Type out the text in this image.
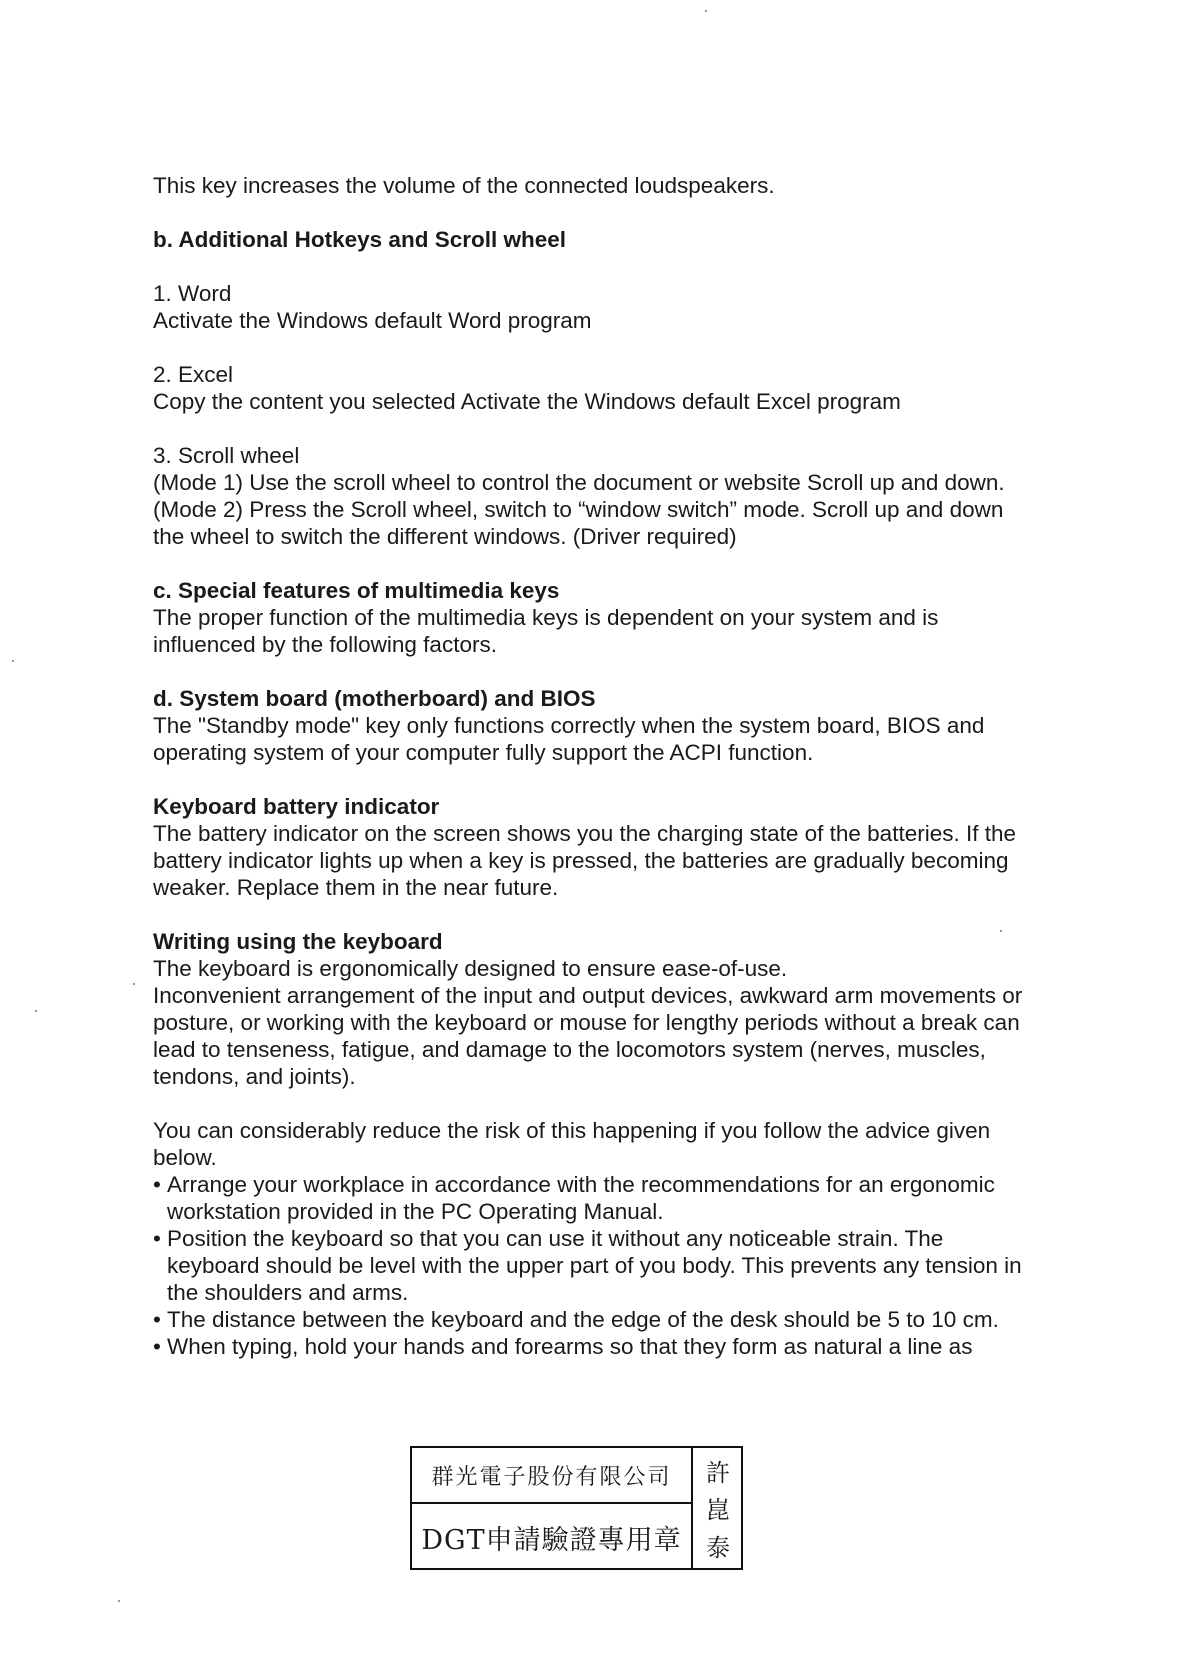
This key increases the volume of the connected loudspeakers.

b. Additional Hotkeys and Scroll wheel

1. Word

Activate the Windows default Word program

2. Excel

Copy the content you selected Activate the Windows default Excel program

3. Scroll wheel

(Mode 1) Use the scroll wheel to control the document or website Scroll up and down.

(Mode 2) Press the Scroll wheel, switch to “window switch” mode. Scroll up and down the wheel to switch the different windows. (Driver required)

c. Special features of multimedia keys

The proper function of the multimedia keys is dependent on your system and is influenced by the following factors.

d. System board (motherboard) and BIOS

The "Standby mode" key only functions correctly when the system board, BIOS and operating system of your computer fully support the ACPI function.

Keyboard battery indicator

The battery indicator on the screen shows you the charging state of the batteries. If the battery indicator lights up when a key is pressed, the batteries are gradually becoming weaker. Replace them in the near future.

Writing using the keyboard

The keyboard is ergonomically designed to ensure ease-of-use.

Inconvenient arrangement of the input and output devices, awkward arm movements or posture, or working with the keyboard or mouse for lengthy periods without a break can lead to tenseness, fatigue, and damage to the locomotors system (nerves, muscles, tendons, and joints).

You can considerably reduce the risk of this happening if you follow the advice given below.

• Arrange your workplace in accordance with the recommendations for an ergonomic workstation provided in the PC Operating Manual.
• Position the keyboard so that you can use it without any noticeable strain. The keyboard should be level with the upper part of you body. This prevents any tension in the shoulders and arms.
• The distance between the keyboard and the edge of the desk should be 5 to 10 cm.
• When typing, hold your hands and forearms so that they form as natural a line as
群光電子股份有限公司
DGT申請驗證專用章
許
崑
泰
